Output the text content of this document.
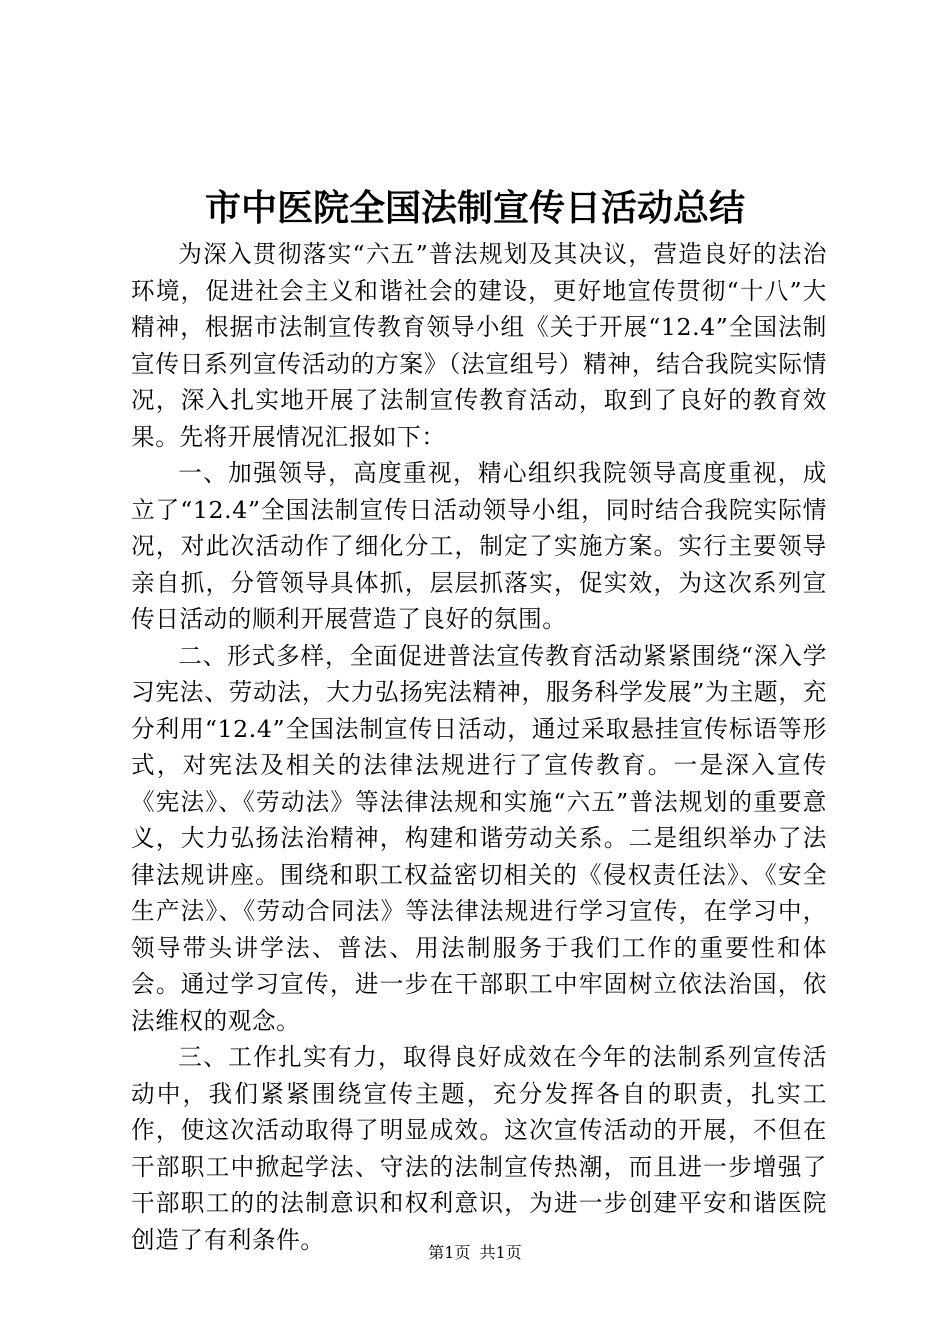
市中医院全国法制宣传日活动总结

为深入贯彻落实“六五”普法规划及其决议，营造良好的法治环境，促进社会主义和谐社会的建设，更好地宣传贯彻“十八”大精神，根据市法制宣传教育领导小组《关于开展“12.4”全国法制宣传日系列宣传活动的方案》（法宣组号）精神，结合我院实际情况，深入扎实地开展了法制宣传教育活动，取到了良好的教育效果。先将开展情况汇报如下：

一、加强领导，高度重视，精心组织我院领导高度重视，成立了“12.4”全国法制宣传日活动领导小组，同时结合我院实际情况，对此次活动作了细化分工，制定了实施方案。实行主要领导亲自抓，分管领导具体抓，层层抓落实，促实效，为这次系列宣传日活动的顺利开展营造了良好的氛围。

二、形式多样，全面促进普法宣传教育活动紧紧围绕“深入学习宪法、劳动法，大力弘扬宪法精神，服务科学发展”为主题，充分利用“12.4”全国法制宣传日活动，通过采取悬挂宣传标语等形式，对宪法及相关的法律法规进行了宣传教育。一是深入宣传《宪法》、《劳动法》等法律法规和实施“六五”普法规划的重要意义，大力弘扬法治精神，构建和谐劳动关系。二是组织举办了法律法规讲座。围绕和职工权益密切相关的《侵权责任法》、《安全生产法》、《劳动合同法》等法律法规进行学习宣传，在学习中，领导带头讲学法、普法、用法制服务于我们工作的重要性和体会。通过学习宣传，进一步在干部职工中牢固树立依法治国，依法维权的观念。

三、工作扎实有力，取得良好成效在今年的法制系列宣传活动中，我们紧紧围绕宣传主题，充分发挥各自的职责，扎实工作，使这次活动取得了明显成效。这次宣传活动的开展，不但在干部职工中掀起学法、守法的法制宣传热潮，而且进一步增强了干部职工的的法制意识和权利意识，为进一步创建平安和谐医院创造了有利条件。	第1页 共1页
